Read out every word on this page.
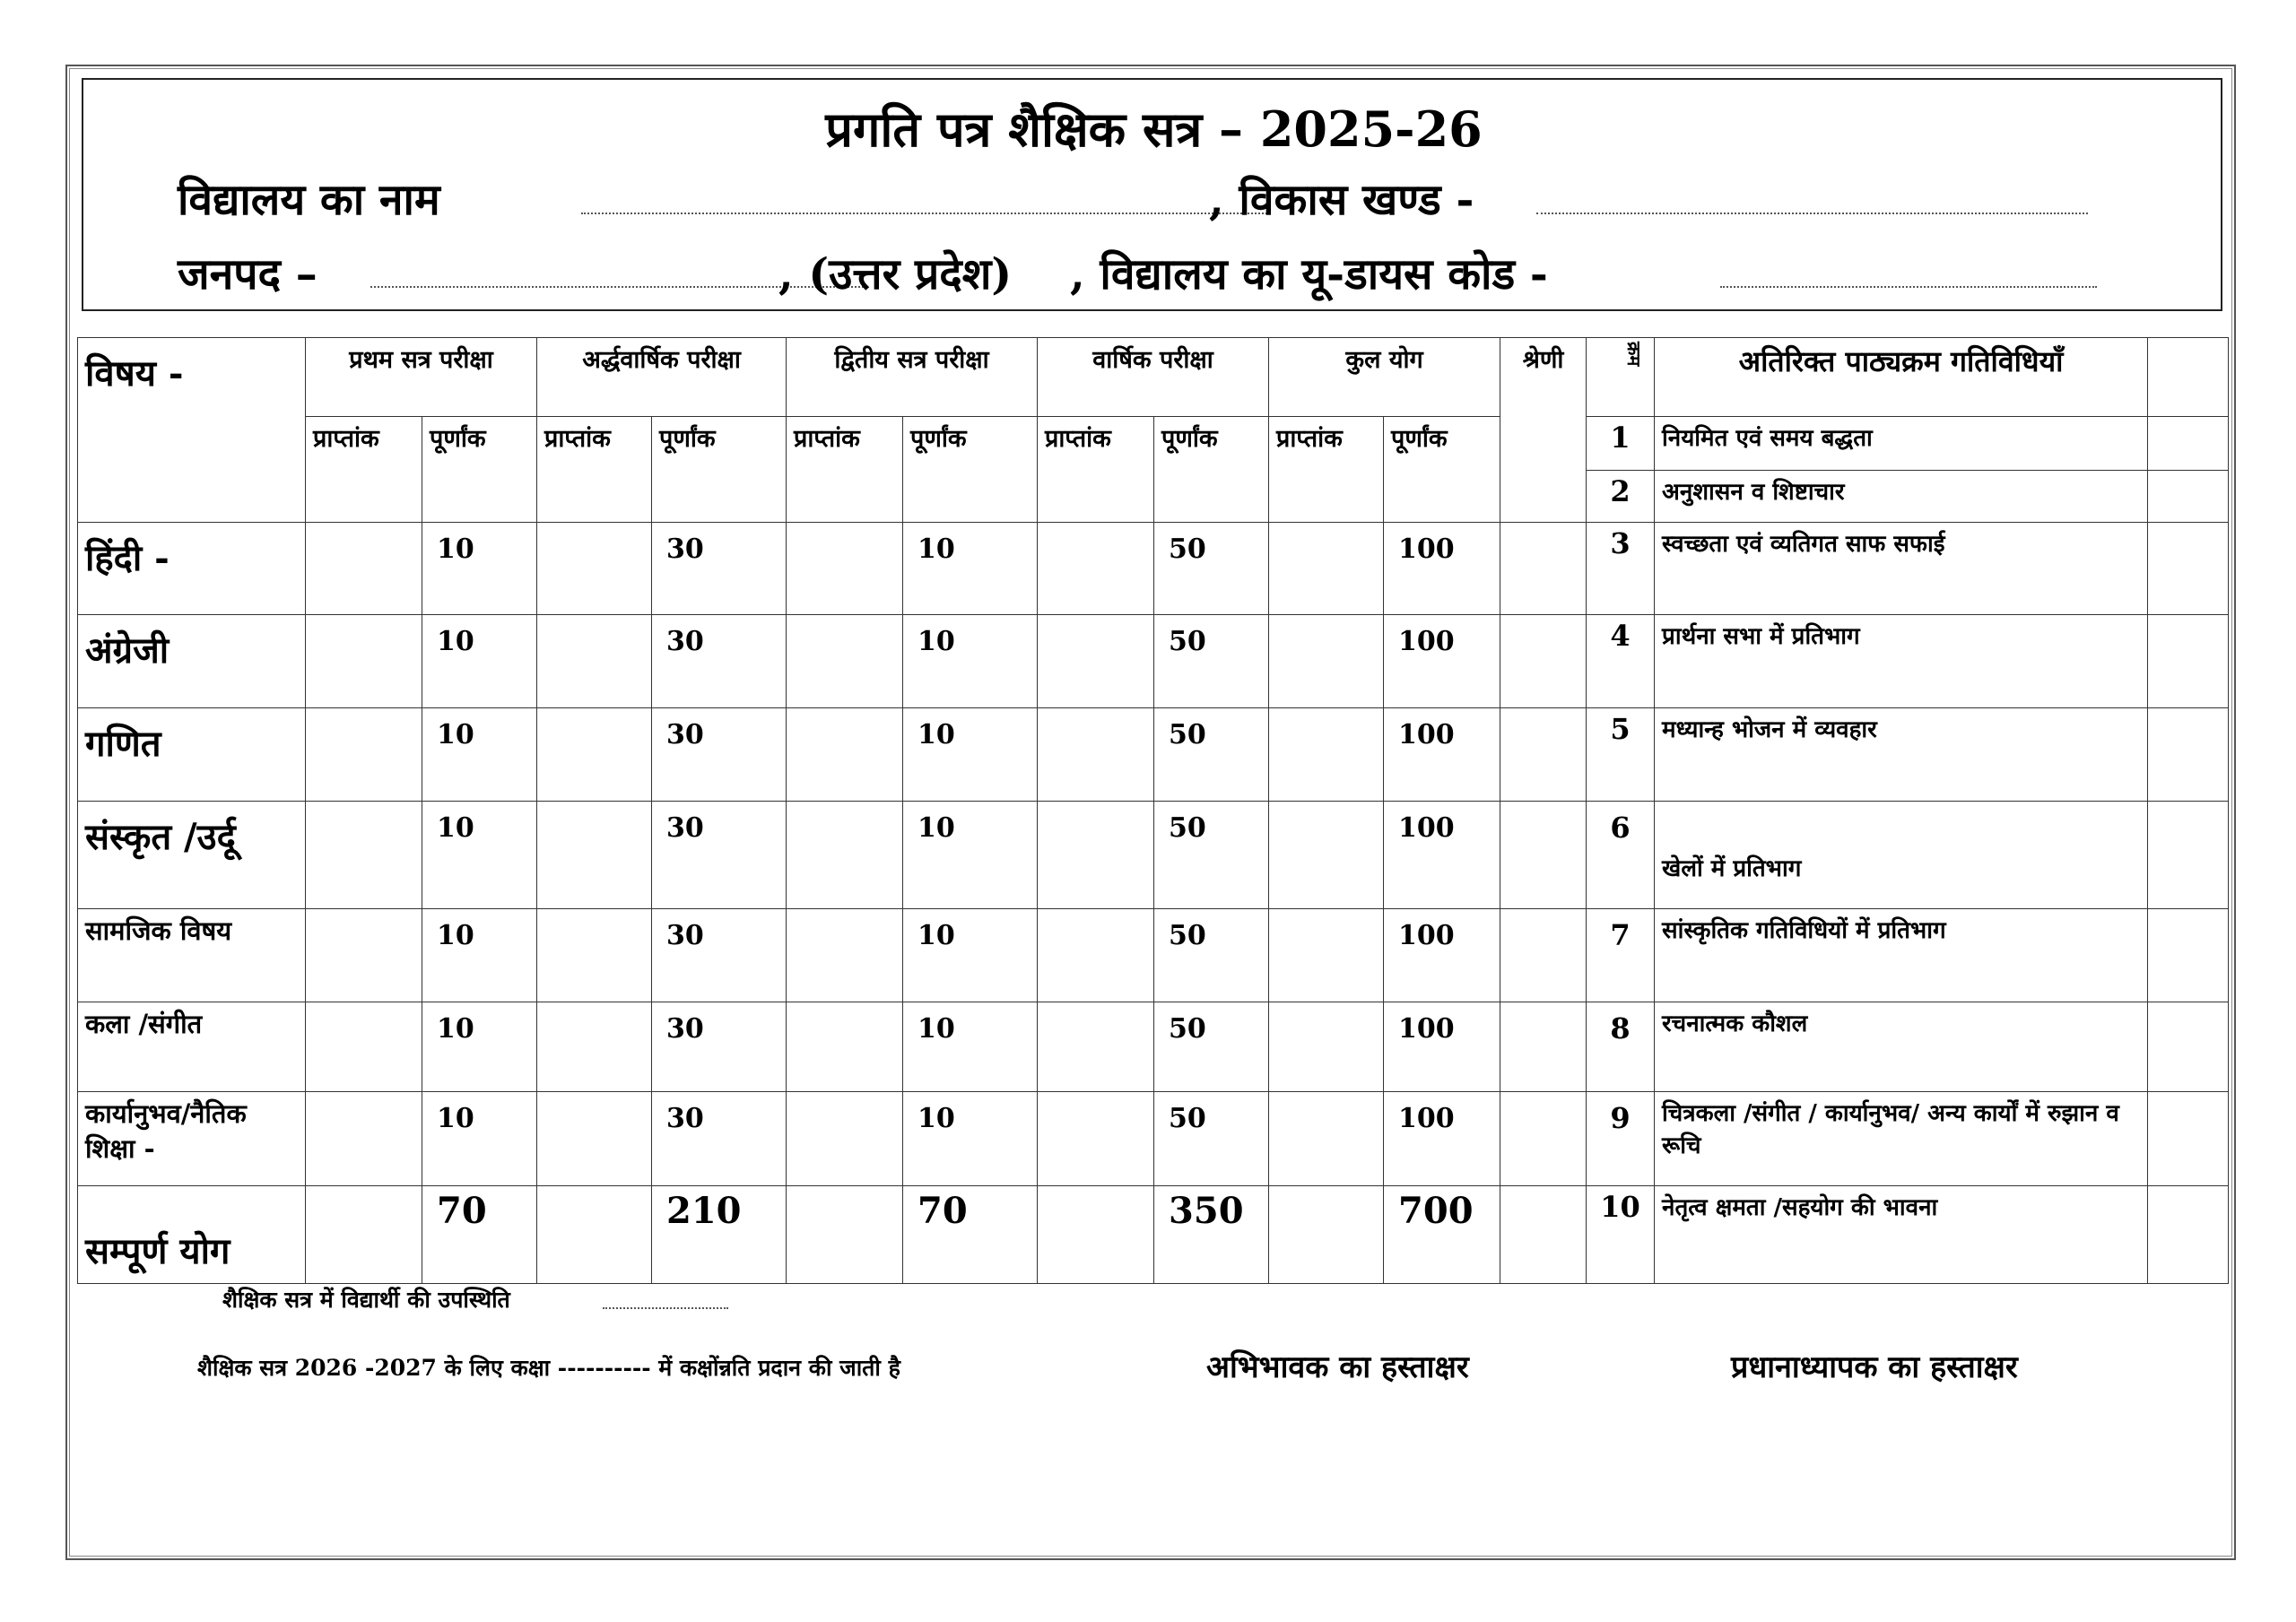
प्रगति पत्र शैक्षिक सत्र – 2025-26
विद्यालय का नाम	, विकास खण्ड -
जनपद –	, (उत्तर प्रदेश) , विद्यालय का यू-डायस कोड -
विषय -	प्रथम सत्र परीक्षा		अर्द्धवार्षिक परीक्षा		द्वितीय सत्र परीक्षा		वार्षिक परीक्षा		कुल योग		श्रेणी	क्रम	अतिरिक्त पाठ्यक्रम गतिविधियाँ	
	प्राप्तांक	पूर्णांक	प्राप्तांक	पूर्णांक	प्राप्तांक	पूर्णांक	प्राप्तांक	पूर्णांक	प्राप्तांक	पूर्णांक		1	नियमित एवं समय बद्धता	
												2	अनुशासन व शिष्टाचार	
हिंदी -		10		30		10		50		100		3	स्वच्छता एवं व्यतिगत साफ सफाई	
अंग्रेजी		10		30		10		50		100		4	प्रार्थना सभा में प्रतिभाग	
गणित		10		30		10		50		100		5	मध्यान्ह भोजन में व्यवहार	
संस्कृत /उर्दू		10		30		10		50		100		6	खेलों में प्रतिभाग	
सामजिक विषय		10		30		10		50		100		7	सांस्कृतिक गतिविधियों में प्रतिभाग	
कला /संगीत		10		30		10		50		100		8	रचनात्मक कौशल	
कार्यानुभव/नैतिक शिक्षा -		10		30		10		50		100		9	चित्रकला /संगीत / कार्यानुभव/ अन्य कार्यों में रुझान व रूचि	
सम्पूर्ण योग		70		210		70		350		700		10	नेतृत्व क्षमता /सहयोग की भावना	
शैक्षिक सत्र में विद्यार्थी की उपस्थिति
शैक्षिक सत्र 2026 -2027 के लिए कक्षा ---------- में कक्षोंन्नति प्रदान की जाती है	अभिभावक का हस्ताक्षर	प्रधानाध्यापक का हस्ताक्षर
